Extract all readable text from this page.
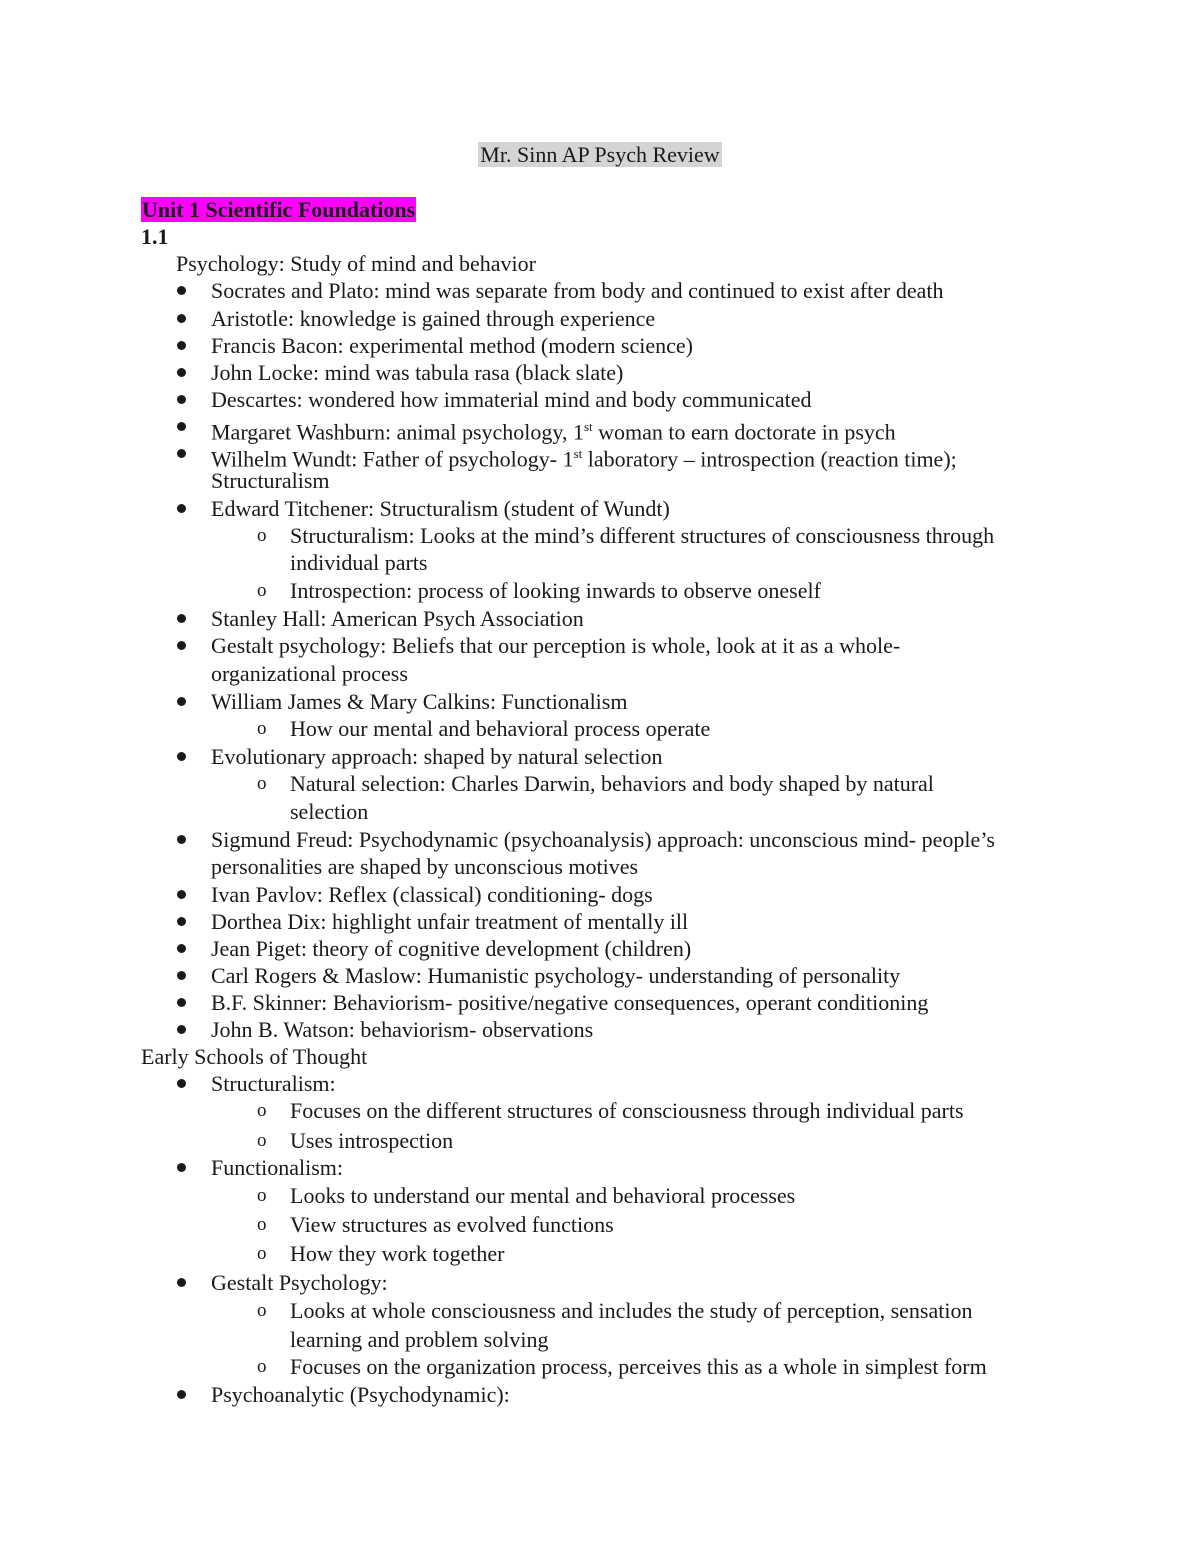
Mr. Sinn AP Psych Review
Unit 1 Scientific Foundations
1.1
Psychology: Study of mind and behavior
Socrates and Plato: mind was separate from body and continued to exist after death
Aristotle: knowledge is gained through experience
Francis Bacon: experimental method (modern science)
John Locke: mind was tabula rasa (black slate)
Descartes: wondered how immaterial mind and body communicated
Margaret Washburn: animal psychology, 1st woman to earn doctorate in psych
Wilhelm Wundt: Father of psychology- 1st laboratory – introspection (reaction time);
Structuralism
Edward Titchener: Structuralism (student of Wundt)
o Structuralism: Looks at the mind’s different structures of consciousness through
individual parts
o Introspection: process of looking inwards to observe oneself
Stanley Hall: American Psych Association
Gestalt psychology: Beliefs that our perception is whole, look at it as a whole-
organizational process
William James & Mary Calkins: Functionalism
o How our mental and behavioral process operate
Evolutionary approach: shaped by natural selection
o Natural selection: Charles Darwin, behaviors and body shaped by natural
selection
Sigmund Freud: Psychodynamic (psychoanalysis) approach: unconscious mind- people’s
personalities are shaped by unconscious motives
Ivan Pavlov: Reflex (classical) conditioning- dogs
Dorthea Dix: highlight unfair treatment of mentally ill
Jean Piget: theory of cognitive development (children)
Carl Rogers & Maslow: Humanistic psychology- understanding of personality
B.F. Skinner: Behaviorism- positive/negative consequences, operant conditioning
John B. Watson: behaviorism- observations
Early Schools of Thought
Structuralism:
o Focuses on the different structures of consciousness through individual parts
o Uses introspection
Functionalism:
o Looks to understand our mental and behavioral processes
o View structures as evolved functions
o How they work together
Gestalt Psychology:
o Looks at whole consciousness and includes the study of perception, sensation
learning and problem solving
o Focuses on the organization process, perceives this as a whole in simplest form
Psychoanalytic (Psychodynamic):
